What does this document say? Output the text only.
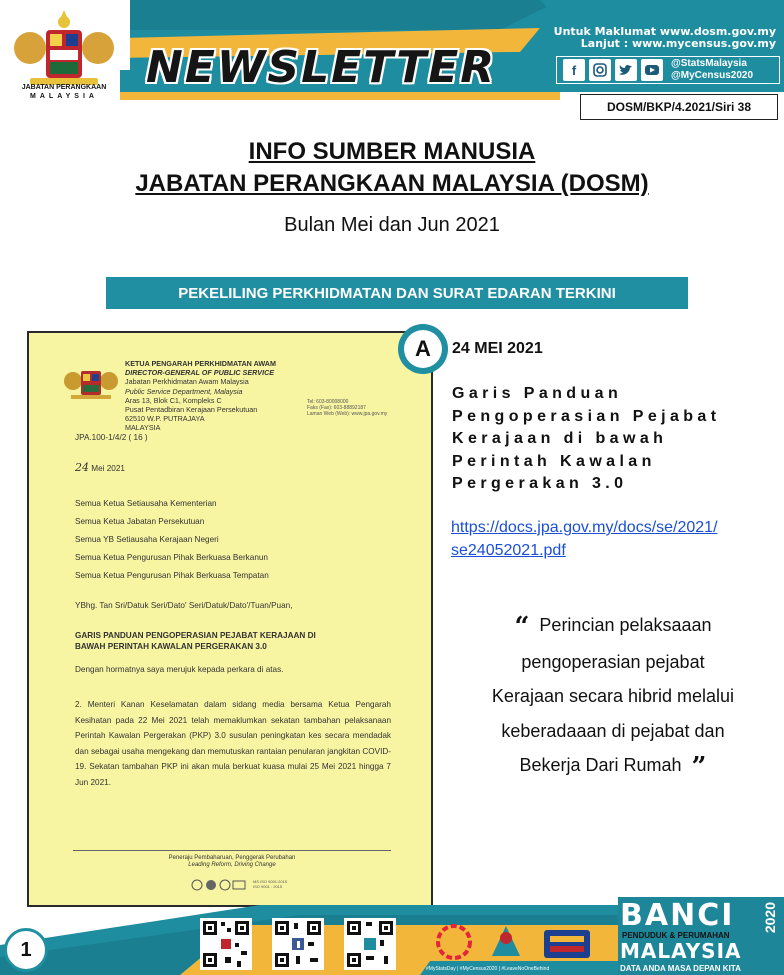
JABATAN PERANGKAAN
MALAYSIA
NEWSLETTER
Untuk Maklumat www.dosm.gov.my
Lanjut : www.mycensus.gov.my
f	@StatsMalaysia
@MyCensus2020
DOSM/BKP/4.2021/Siri 38
INFO SUMBER MANUSIA
JABATAN PERANGKAAN MALAYSIA (DOSM)
Bulan Mei dan Jun 2021
PEKELILING PERKHIDMATAN DAN SURAT EDARAN TERKINI
KETUA PENGARAH PERKHIDMATAN AWAM
DIRECTOR-GENERAL OF PUBLIC SERVICE
Jabatan Perkhidmatan Awam Malaysia
Public Service Department, Malaysia
Aras 13, Blok C1, Kompleks C
Pusat Pentadbiran Kerajaan Persekutuan
62510 W.P. PUTRAJAYA
MALAYSIA
Tel: 603-80008000
Faks (Fax): 603-88892187
Laman Web (Web): www.jpa.gov.my
JPA.100-1/4/2 ( 16 )
24 Mei 2021
Semua Ketua Setiausaha Kementerian
Semua Ketua Jabatan Persekutuan
Semua YB Setiausaha Kerajaan Negeri
Semua Ketua Pengurusan Pihak Berkuasa Berkanun
Semua Ketua Pengurusan Pihak Berkuasa Tempatan
YBhg. Tan Sri/Datuk Seri/Dato' Seri/Datuk/Dato'/Tuan/Puan,
GARIS PANDUAN PENGOPERASIAN PEJABAT KERAJAAN DI
BAWAH PERINTAH KAWALAN PERGERAKAN 3.0
Dengan hormatnya saya merujuk kepada perkara di atas.
2. Menteri Kanan Keselamatan dalam sidang media bersama Ketua Pengarah Kesihatan pada 22 Mei 2021 telah memaklumkan sekatan tambahan pelaksanaan Perintah Kawalan Pergerakan (PKP) 3.0 susulan peningkatan kes secara mendadak dan sebagai usaha mengekang dan memutuskan rantaian penularan jangkitan COVID-19. Sekatan tambahan PKP ini akan mula berkuat kuasa mulai 25 Mei 2021 hingga 7 Jun 2021.
Peneraju Pembaharuan, Penggerak Perubahan
Leading Reform, Driving Change
MS ISO 9001:2015
ISO 9001 : 2015
A	24 MEI 2021
Garis Panduan
Pengoperasian Pejabat
Kerajaan di bawah
Perintah Kawalan
Pergerakan 3.0
https://docs.jpa.gov.my/docs/se/2021/
se24052021.pdf
“ Perincian pelaksaaan
pengoperasian pejabat
Kerajaan secara hibrid melalui
keberadaaan di pejabat dan
Bekerja Dari Rumah ”
1
#MyStatsDay | #MyCensus2020 | #LeaveNoOneBehind
BANCI
PENDUDUK & PERUMAHAN
MALAYSIA
2020
DATA ANDA MASA DEPAN KITA
